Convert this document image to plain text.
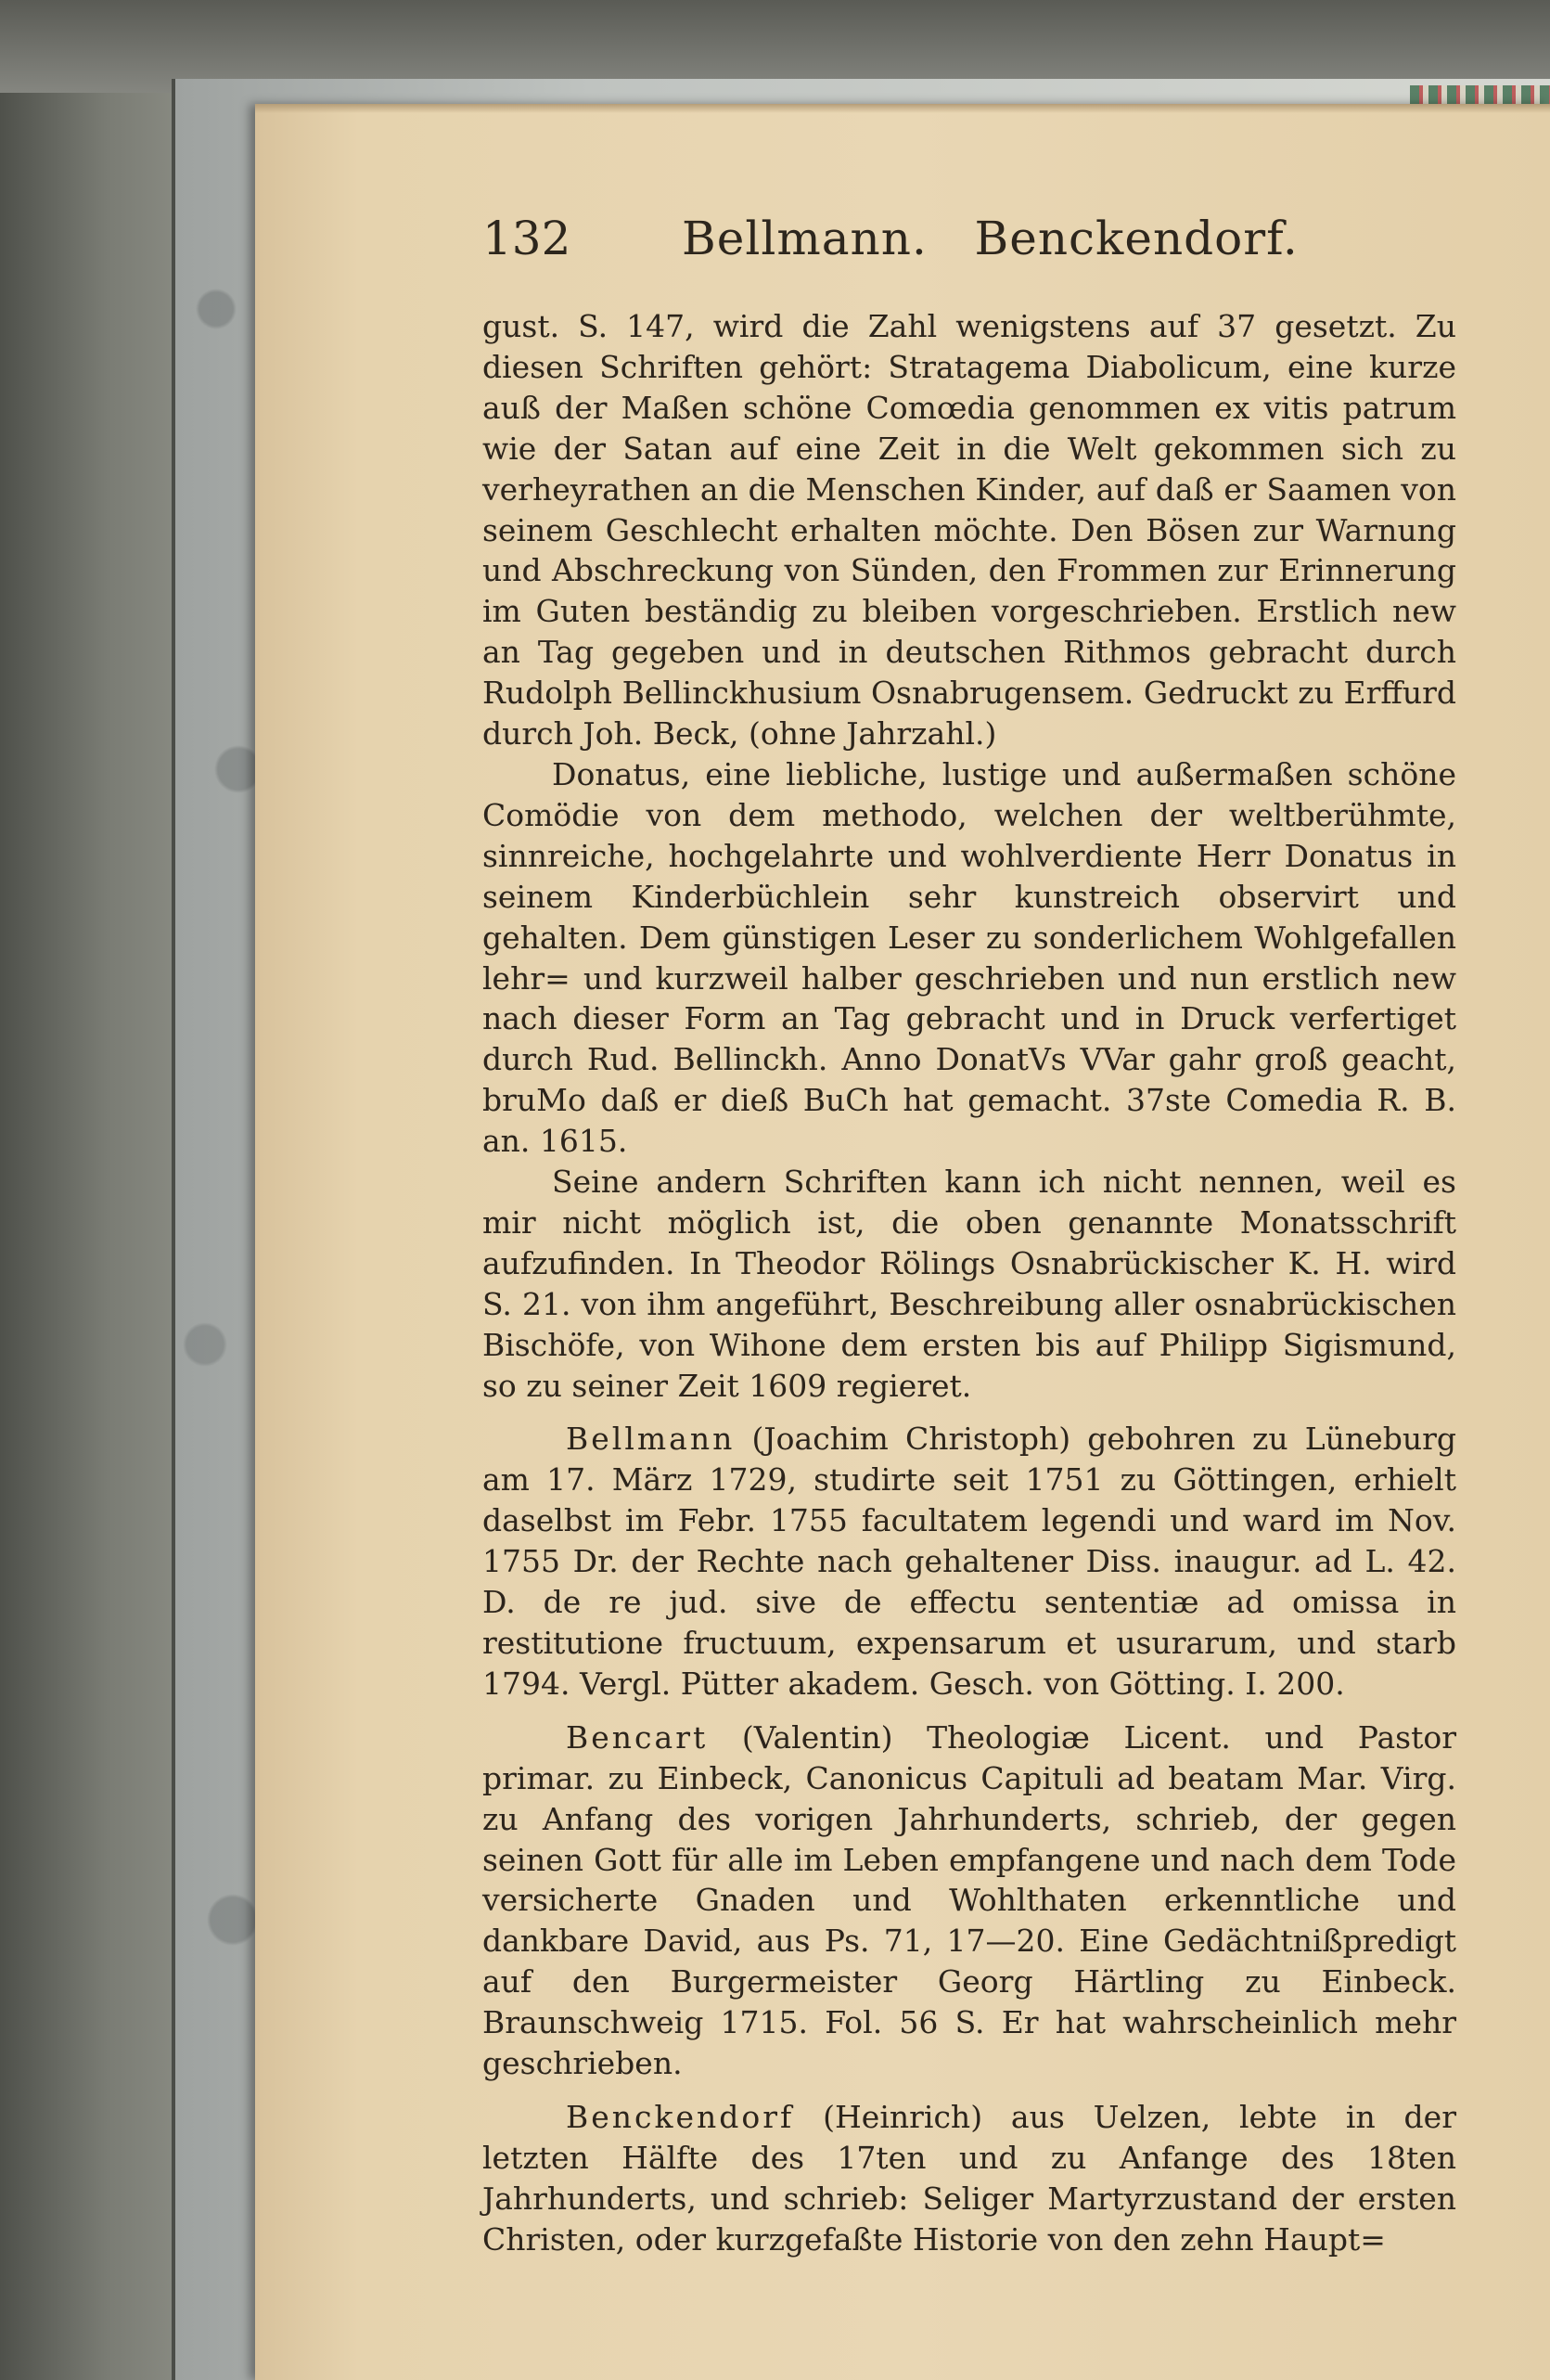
132 Bellmann.   Benckendorf.

gust. S. 147, wird die Zahl wenigstens auf 37 gesetzt. Zu diesen Schriften gehört: Stratagema Diabolicum, eine kurze auß der Maßen schöne Comœdia genommen ex vitis patrum wie der Satan auf eine Zeit in die Welt gekommen sich zu verheyrathen an die Menschen Kinder, auf daß er Saamen von seinem Geschlecht erhalten möchte. Den Bösen zur Warnung und Abschreckung von Sünden, den Frommen zur Erinnerung im Guten beständig zu bleiben vorgeschrieben. Erstlich new an Tag gegeben und in deutschen Rithmos gebracht durch Rudolph Bellinckhusium Osnabrugensem. Gedruckt zu Erffurd durch Joh. Beck, (ohne Jahrzahl.)

Donatus, eine liebliche, lustige und außermaßen schöne Comödie von dem methodo, welchen der weltberühmte, sinnreiche, hochgelahrte und wohlverdiente Herr Donatus in seinem Kinderbüchlein sehr kunstreich observirt und gehalten. Dem günstigen Leser zu sonderlichem Wohlgefallen lehr= und kurzweil halber geschrieben und nun erstlich new nach dieser Form an Tag gebracht und in Druck verfertiget durch Rud. Bellinckh. Anno DonatVs VVar gahr groß geacht, bruMo daß er dieß BuCh hat gemacht. 37ste Comedia R. B. an. 1615.

Seine andern Schriften kann ich nicht nennen, weil es mir nicht möglich ist, die oben genannte Monatsschrift aufzufinden. In Theodor Rölings Osnabrückischer K. H. wird S. 21. von ihm angeführt, Beschreibung aller osnabrückischen Bischöfe, von Wihone dem ersten bis auf Philipp Sigismund, so zu seiner Zeit 1609 regieret.

Bellmann (Joachim Christoph) gebohren zu Lüneburg am 17. März 1729, studirte seit 1751 zu Göttingen, erhielt daselbst im Febr. 1755 facultatem legendi und ward im Nov. 1755 Dr. der Rechte nach gehaltener Diss. inaugur. ad L. 42. D. de re jud. sive de effectu sententiæ ad omissa in restitutione fructuum, expensarum et usurarum, und starb 1794. Vergl. Pütter akadem. Gesch. von Götting. I. 200.

Bencart (Valentin) Theologiæ Licent. und Pastor primar. zu Einbeck, Canonicus Capituli ad beatam Mar. Virg. zu Anfang des vorigen Jahrhunderts, schrieb, der gegen seinen Gott für alle im Leben empfangene und nach dem Tode versicherte Gnaden und Wohlthaten erkenntliche und dankbare David, aus Ps. 71, 17—20. Eine Gedächtnißpredigt auf den Burgermeister Georg Härtling zu Einbeck. Braunschweig 1715. Fol. 56 S. Er hat wahrscheinlich mehr geschrieben.

Benckendorf (Heinrich) aus Uelzen, lebte in der letzten Hälfte des 17ten und zu Anfange des 18ten Jahrhunderts, und schrieb: Seliger Martyrzustand der ersten Christen, oder kurzgefaßte Historie von den zehn Haupt=
